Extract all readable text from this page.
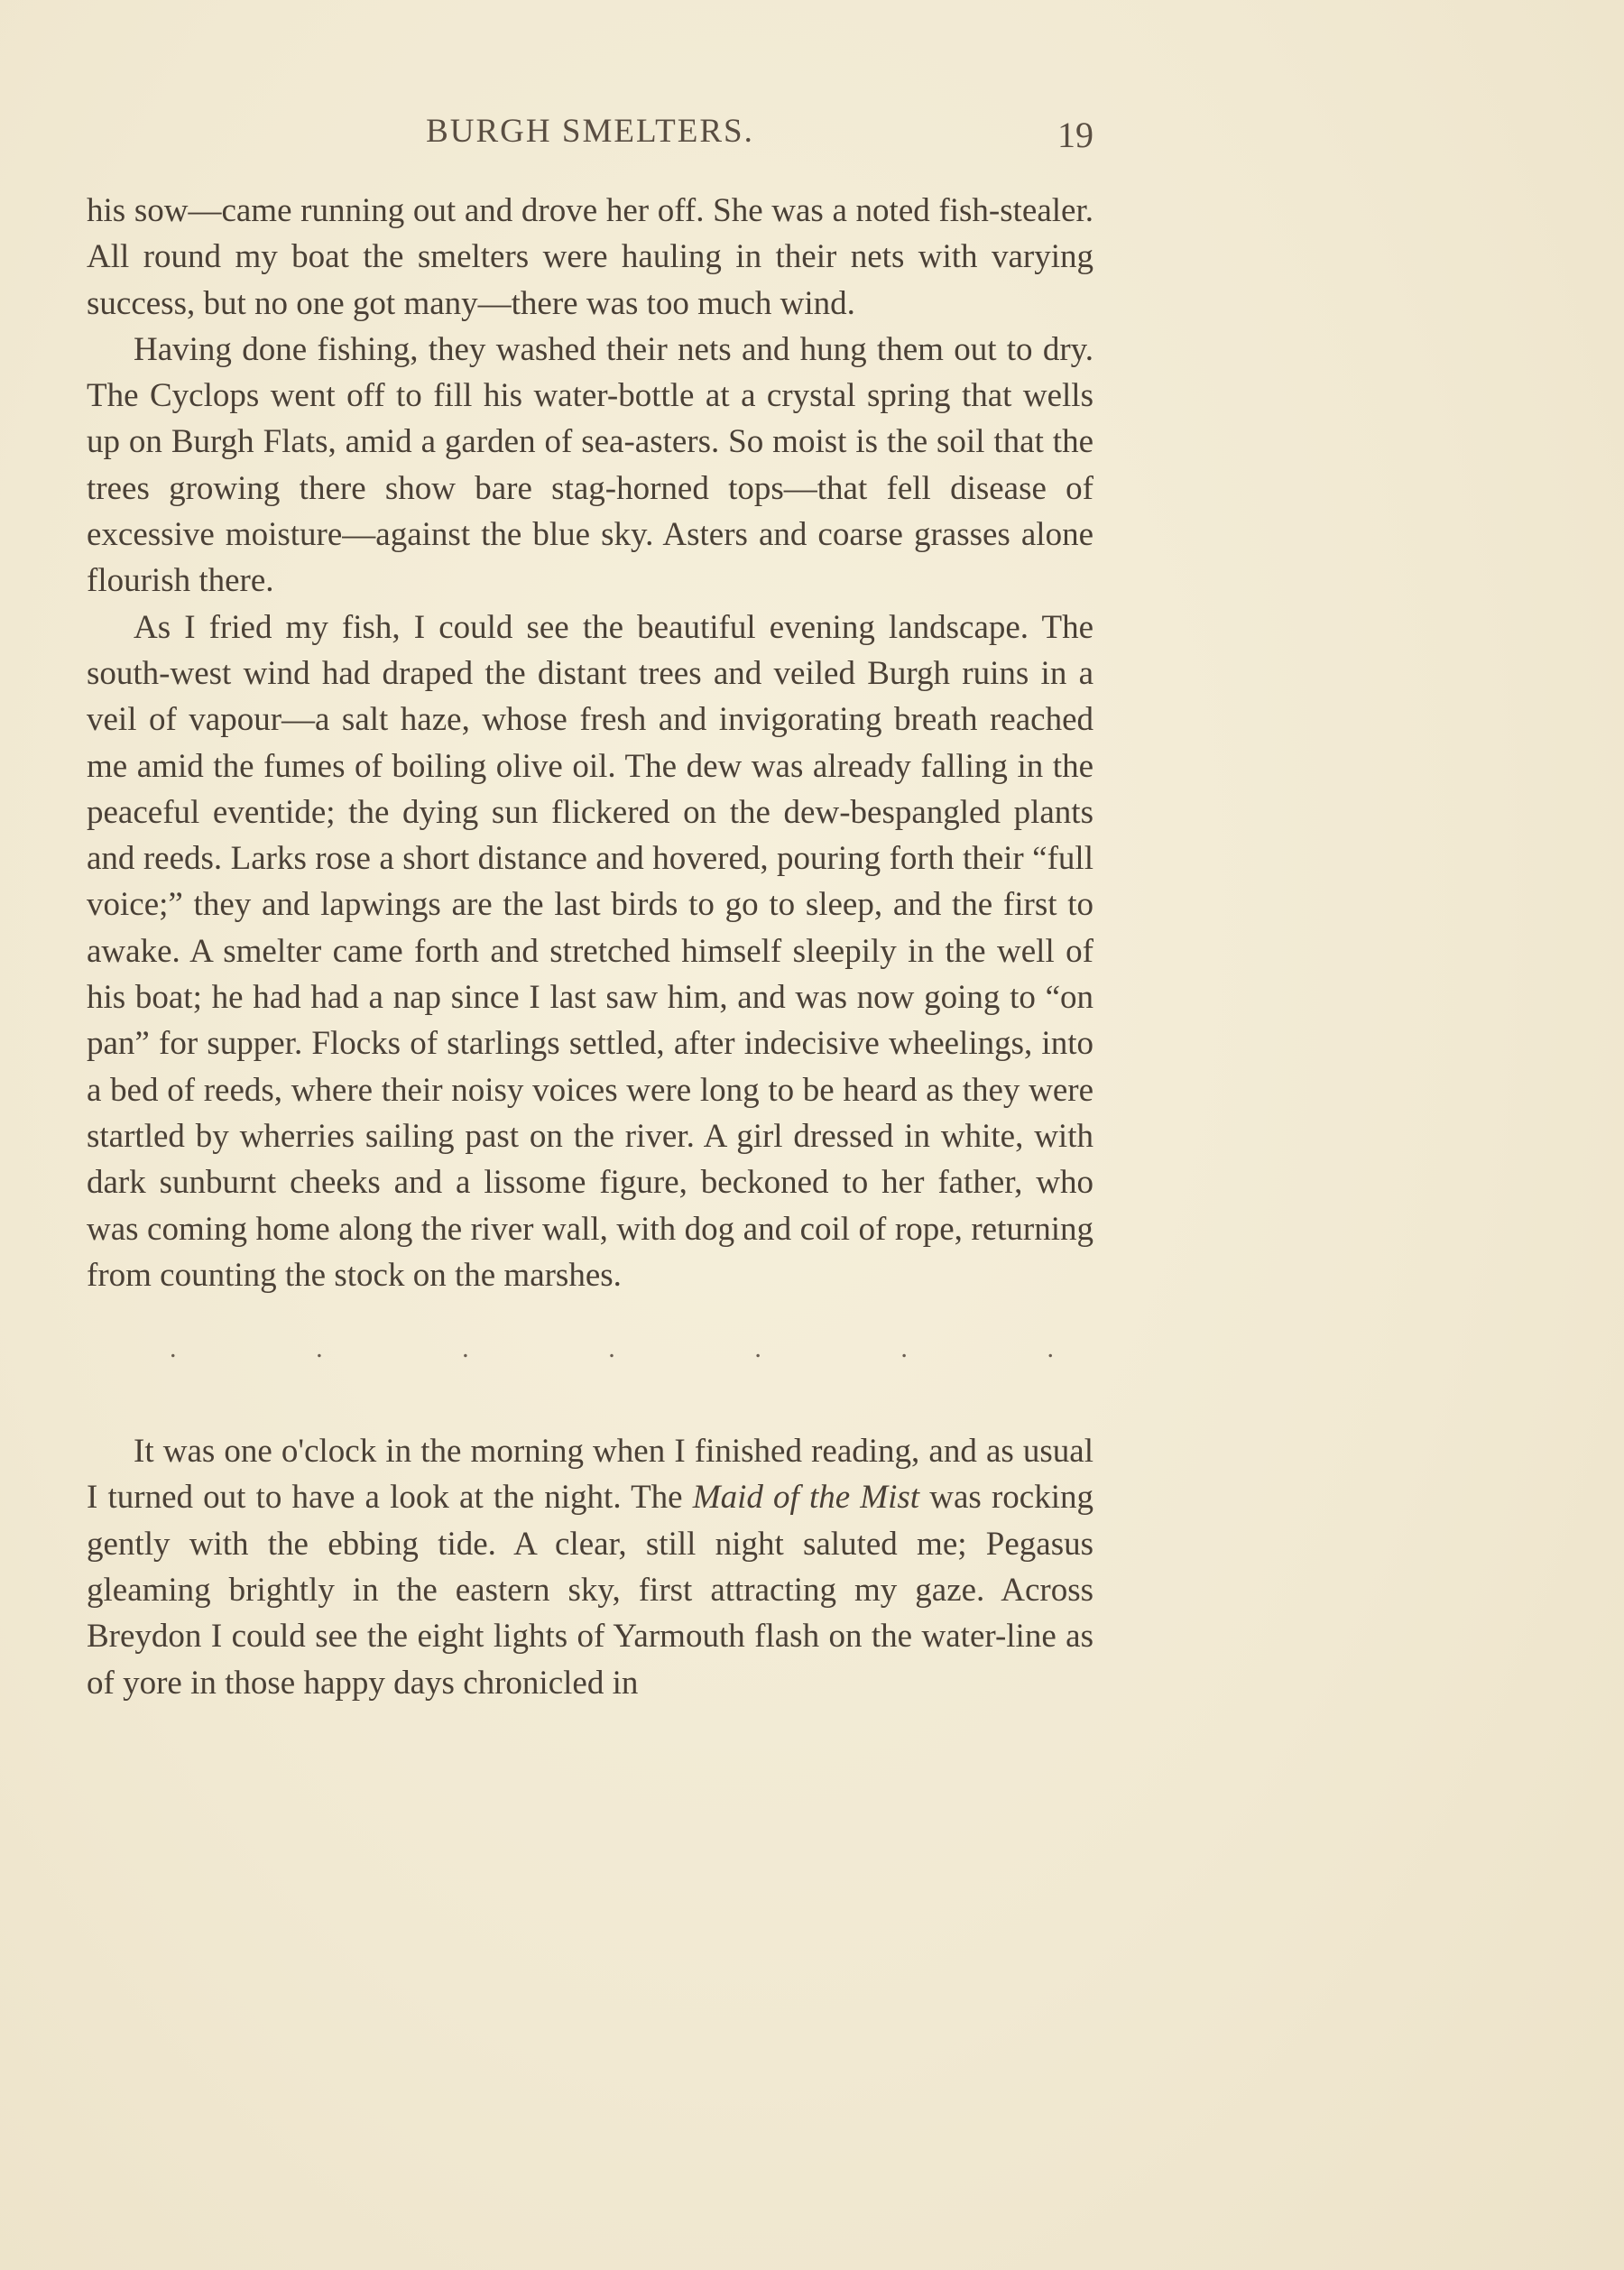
BURGH SMELTERS.	19

his sow—came running out and drove her off. She was a noted fish-stealer. All round my boat the smelters were hauling in their nets with varying success, but no one got many—there was too much wind.

Having done fishing, they washed their nets and hung them out to dry. The Cyclops went off to fill his water-bottle at a crystal spring that wells up on Burgh Flats, amid a garden of sea-asters. So moist is the soil that the trees growing there show bare stag-horned tops—that fell disease of excessive moisture—against the blue sky. Asters and coarse grasses alone flourish there.

As I fried my fish, I could see the beautiful evening landscape. The south-west wind had draped the distant trees and veiled Burgh ruins in a veil of vapour—a salt haze, whose fresh and invigorating breath reached me amid the fumes of boiling olive oil. The dew was already falling in the peaceful eventide; the dying sun flickered on the dew-bespangled plants and reeds. Larks rose a short distance and hovered, pouring forth their “full voice;” they and lapwings are the last birds to go to sleep, and the first to awake. A smelter came forth and stretched himself sleepily in the well of his boat; he had had a nap since I last saw him, and was now going to “on pan” for supper. Flocks of starlings settled, after indecisive wheelings, into a bed of reeds, where their noisy voices were long to be heard as they were startled by wherries sailing past on the river. A girl dressed in white, with dark sunburnt cheeks and a lissome figure, beckoned to her father, who was coming home along the river wall, with dog and coil of rope, returning from counting the stock on the marshes.

.	.	.	.	.	.	.

It was one o'clock in the morning when I finished reading, and as usual I turned out to have a look at the night. The Maid of the Mist was rocking gently with the ebbing tide. A clear, still night saluted me; Pegasus gleaming brightly in the eastern sky, first attracting my gaze. Across Breydon I could see the eight lights of Yarmouth flash on the water-line as of yore in those happy days chronicled in
